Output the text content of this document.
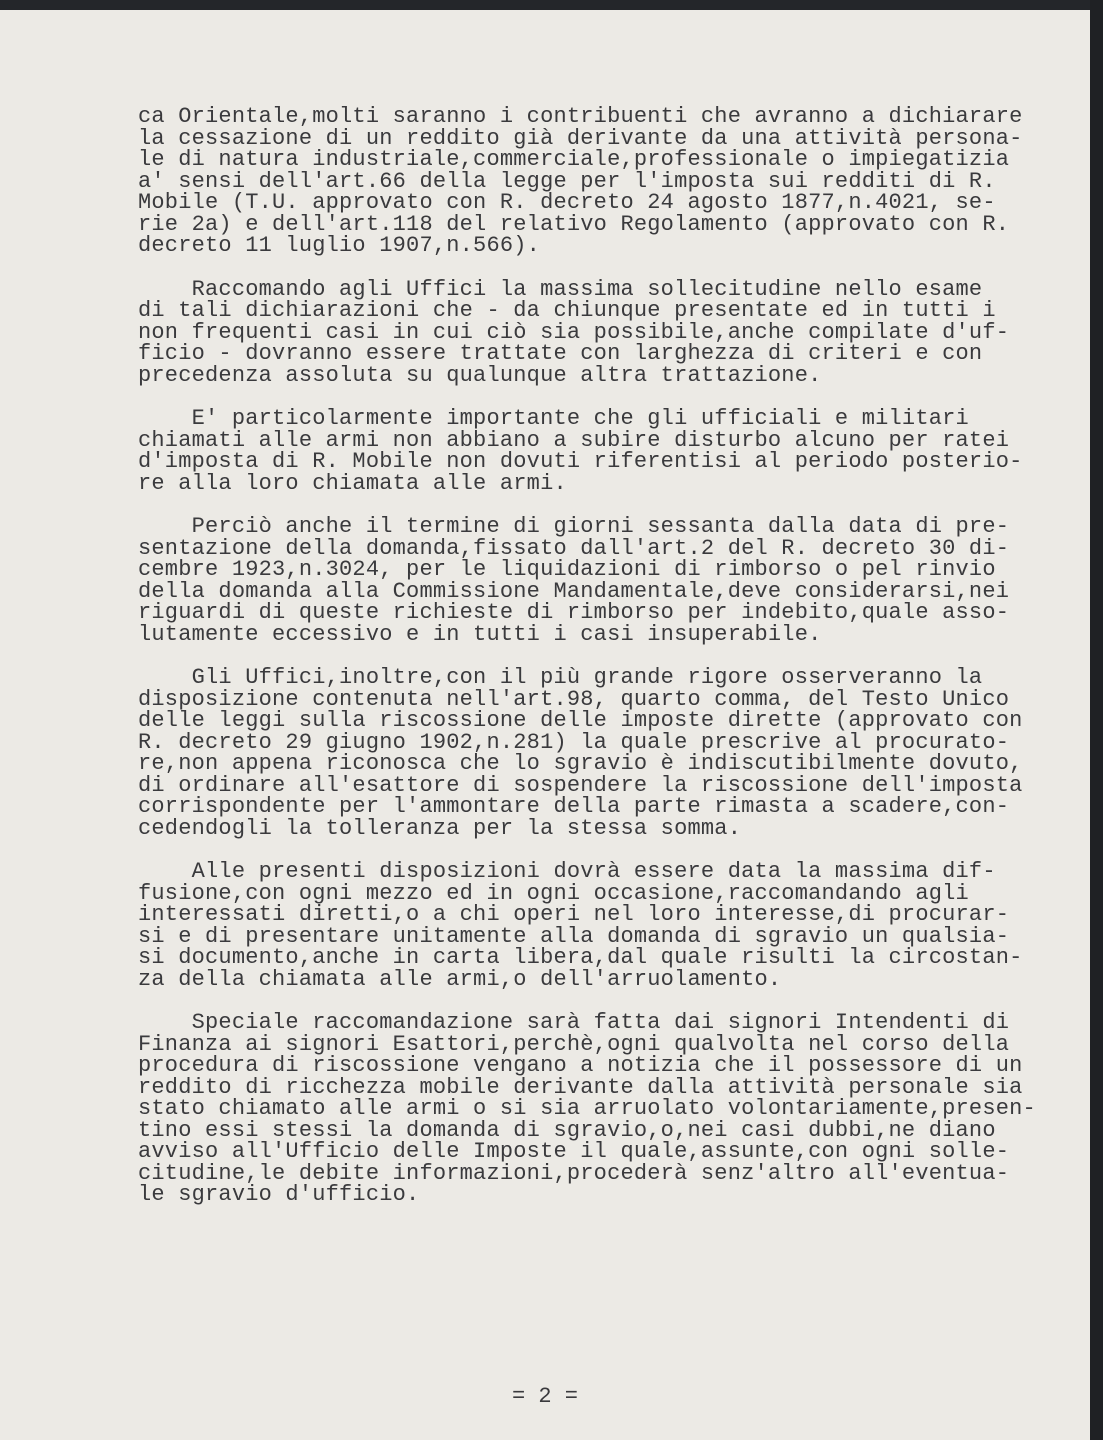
ca Orientale,molti saranno i contribuenti che avranno a dichiarare
la cessazione di un reddito già derivante da una attività persona-
le di natura industriale,commerciale,professionale o impiegatizia
a' sensi dell'art.66 della legge per l'imposta sui redditi di R.
Mobile (T.U. approvato con R. decreto 24 agosto 1877,n.4021, se-
rie 2a) e dell'art.118 del relativo Regolamento (approvato con R.
decreto 11 luglio 1907,n.566).

Raccomando agli Uffici la massima sollecitudine nello esame
di tali dichiarazioni che - da chiunque presentate ed in tutti i
non frequenti casi in cui ciò sia possibile,anche compilate d'uf-
ficio - dovranno essere trattate con larghezza di criteri e con
precedenza assoluta su qualunque altra trattazione.

E' particolarmente importante che gli ufficiali e militari
chiamati alle armi non abbiano a subire disturbo alcuno per ratei
d'imposta di R. Mobile non dovuti riferentisi al periodo posterio-
re alla loro chiamata alle armi.

Perciò anche il termine di giorni sessanta dalla data di pre-
sentazione della domanda,fissato dall'art.2 del R. decreto 30 di-
cembre 1923,n.3024, per le liquidazioni di rimborso o pel rinvio
della domanda alla Commissione Mandamentale,deve considerarsi,nei
riguardi di queste richieste di rimborso per indebito,quale asso-
lutamente eccessivo e in tutti i casi insuperabile.

Gli Uffici,inoltre,con il più grande rigore osserveranno la
disposizione contenuta nell'art.98, quarto comma, del Testo Unico
delle leggi sulla riscossione delle imposte dirette (approvato con
R. decreto 29 giugno 1902,n.281) la quale prescrive al procurato-
re,non appena riconosca che lo sgravio è indiscutibilmente dovuto,
di ordinare all'esattore di sospendere la riscossione dell'imposta
corrispondente per l'ammontare della parte rimasta a scadere,con-
cedendogli la tolleranza per la stessa somma.

Alle presenti disposizioni dovrà essere data la massima dif-
fusione,con ogni mezzo ed in ogni occasione,raccomandando agli
interessati diretti,o a chi operi nel loro interesse,di procurar-
si e di presentare unitamente alla domanda di sgravio un qualsia-
si documento,anche in carta libera,dal quale risulti la circostan-
za della chiamata alle armi,o dell'arruolamento.

Speciale raccomandazione sarà fatta dai signori Intendenti di
Finanza ai signori Esattori,perchè,ogni qualvolta nel corso della
procedura di riscossione vengano a notizia che il possessore di un
reddito di ricchezza mobile derivante dalla attività personale sia
stato chiamato alle armi o si sia arruolato volontariamente,presen-
tino essi stessi la domanda di sgravio,o,nei casi dubbi,ne diano
avviso all'Ufficio delle Imposte il quale,assunte,con ogni solle-
citudine,le debite informazioni,procederà senz'altro all'eventua-
le sgravio d'ufficio.

= 2 =
